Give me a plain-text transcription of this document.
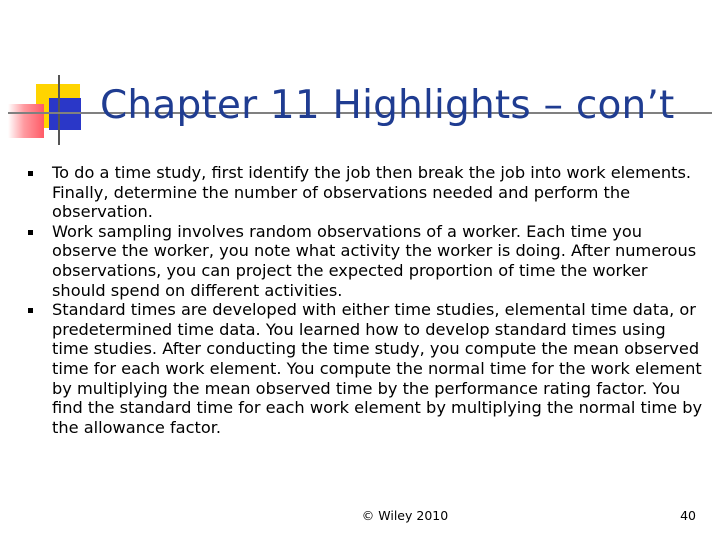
Chapter 11 Highlights – con’t
To do a time study, first identify the job then break the job into work elements. Finally, determine the number of observations needed and perform the observation.
Work sampling involves random observations of a worker. Each time you observe the worker, you note what activity the worker is doing. After numerous observations, you can project the expected proportion of time the worker should spend on different activities.
Standard times are developed with either time studies, elemental time data, or predetermined time data. You learned how to develop standard times using time studies. After conducting the time study, you compute the mean observed time for each work element. You compute the normal time for the work element by multiplying the mean observed time by the performance rating factor. You find the standard time for each work element by multiplying the normal time by the allowance factor.
© Wiley 2010	40
